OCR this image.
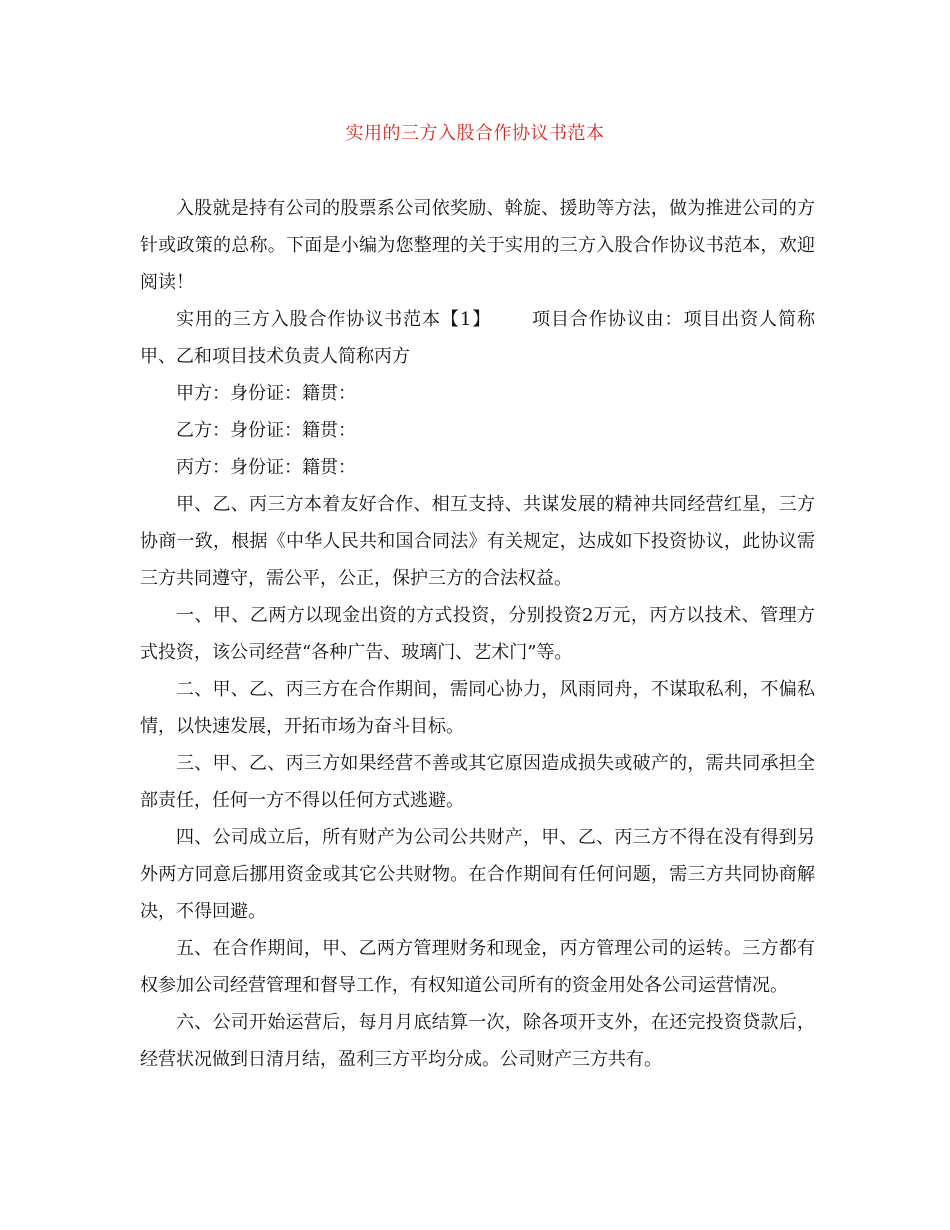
实用的三方入股合作协议书范本

入股就是持有公司的股票系公司依奖励、斡旋、援助等方法，做为推进公司的方针或政策的总称。下面是小编为您整理的关于实用的三方入股合作协议书范本，欢迎阅读！

实用的三方入股合作协议书范本【1】 项目合作协议由：项目出资人简称甲、乙和项目技术负责人简称丙方

甲方：身份证：籍贯：

乙方：身份证：籍贯：

丙方：身份证：籍贯：

甲、乙、丙三方本着友好合作、相互支持、共谋发展的精神共同经营红星，三方协商一致，根据《中华人民共和国合同法》有关规定，达成如下投资协议，此协议需三方共同遵守，需公平，公正，保护三方的合法权益。

一、甲、乙两方以现金出资的方式投资，分别投资2万元，丙方以技术、管理方式投资，该公司经营“各种广告、玻璃门、艺术门”等。

二、甲、乙、丙三方在合作期间，需同心协力，风雨同舟，不谋取私利，不偏私情，以快速发展，开拓市场为奋斗目标。

三、甲、乙、丙三方如果经营不善或其它原因造成损失或破产的，需共同承担全部责任，任何一方不得以任何方式逃避。

四、公司成立后，所有财产为公司公共财产，甲、乙、丙三方不得在没有得到另外两方同意后挪用资金或其它公共财物。在合作期间有任何问题，需三方共同协商解决，不得回避。

五、在合作期间，甲、乙两方管理财务和现金，丙方管理公司的运转。三方都有权参加公司经营管理和督导工作，有权知道公司所有的资金用处各公司运营情况。

六、公司开始运营后，每月月底结算一次，除各项开支外，在还完投资贷款后，经营状况做到日清月结，盈利三方平均分成。公司财产三方共有。
